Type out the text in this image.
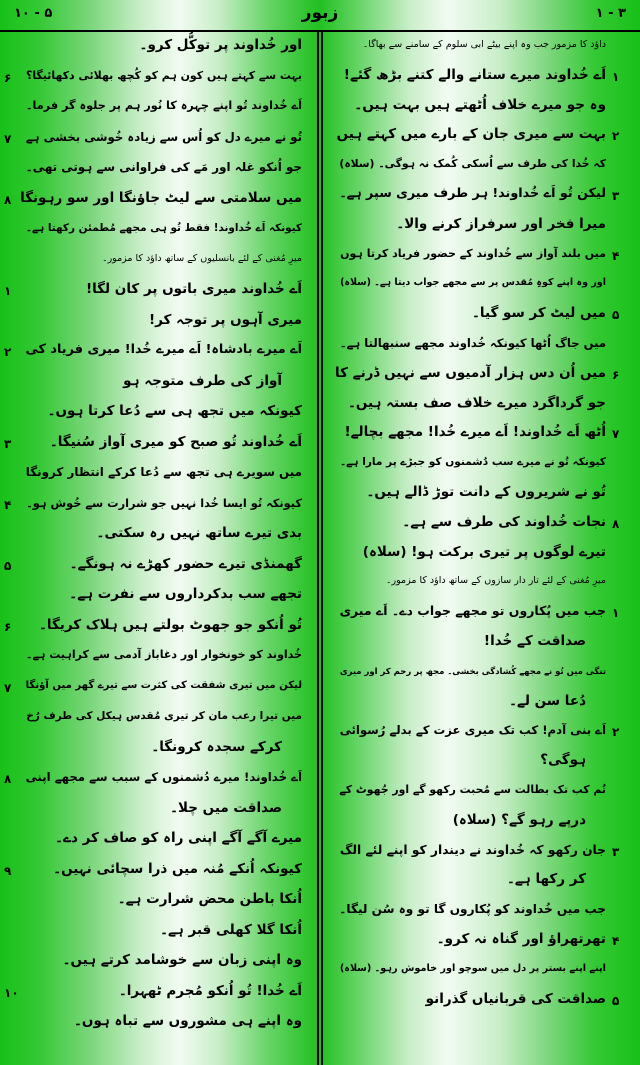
١٠ - ۵	زبور	٣ - ١
داؤد کا مزمور جب وہ اپنے بیٹے ابی سلوم کے سامنے سے بھاگا۔
اَے خُداوند میرے ستانے والے کتنے بڑھ گئے!
وہ جو میرے خلاف اُٹھتے ہیں بہت ہیں۔
بہت سے میری جان کے بارے میں کہتے ہیں
کہ خُدا کی طرف سے اُسکی کُمک نہ ہوگی۔ (سلاہ)
لیکن تُو اَے خُداوند! ہر طرف میری سپر ہے۔
میرا فخر اور سرفراز کرنے والا۔
میں بلند آواز سے خُداوند کے حضور فریاد کرتا ہوں
اور وہ اپنے کوہِ مُقدس پر سے مجھے جواب دیتا ہے۔ (سلاہ)
میں لیٹ کر سو گیا۔
میں جاگ اُٹھا کیونکہ خُداوند مجھے سنبھالتا ہے۔
میں اُن دس ہزار آدمیوں سے نہیں ڈرنے کا
جو گرداگرد میرے خلاف صف بستہ ہیں۔
اُٹھ اَے خُداوند! اَے میرے خُدا! مجھے بچالے!
کیونکہ تُو نے میرے سب دُشمنوں کو جبڑے پر مارا ہے۔
تُو نے شریروں کے دانت توڑ ڈالے ہیں۔
نجات خُداوند کی طرف سے ہے۔
تیرے لوگوں پر تیری برکت ہو! (سلاہ)
میرِ مُغنی کے لئے تار دار سازوں کے ساتھ داؤد کا مزمور۔
جب میں پُکاروں تو مجھے جواب دے۔ اَے میری
صداقت کے خُدا!
تنگی میں تُو نے مجھے کُشادگی بخشی۔ مجھ پر رحم کر اور میری
دُعا سن لے۔
اَے بنی آدم! کب تک میری عزت کے بدلے رُسوائی
ہوگی؟
تُم کب تک بطالت سے مُحبت رکھو گے اور جُھوٹ کے
درپے رہو گے؟ (سلاہ)
جان رکھو کہ خُداوند نے دیندار کو اپنے لئے الگ
کر رکھا ہے۔
جب میں خُداوند کو پُکاروں گا تو وہ سُن لیگا۔
تھرتھراؤ اور گناہ نہ کرو۔
اپنے اپنے بستر پر دل میں سوچو اور خاموش رہو۔ (سلاہ)
صداقت کی قربانیاں گذرانو
اور خُداوند پر توکُّل کرو۔
بہت سے کہتے ہیں کون ہم کو کُچھ بھلائی دکھائیگا؟
اَے خُداوند تُو اپنے چہرہ کا نُور ہم پر جلوہ گر فرما۔
تُو نے میرے دل کو اُس سے زیادہ خُوشی بخشی ہے
جو اُنکو غلہ اور مَے کی فراوانی سے ہوتی تھی۔
میں سلامتی سے لیٹ جاؤنگا اور سو رہونگا
کیونکہ اَے خُداوند! فقط تُو ہی مجھے مُطمئن رکھتا ہے۔
میرِ مُغنی کے لئے بانسلیوں کے ساتھ داؤد کا مزمور۔
اَے خُداوند میری باتوں پر کان لگا!
میری آہوں پر توجہ کر!
اَے میرے بادشاہ! اَے میرے خُدا! میری فریاد کی
آواز کی طرف متوجہ ہو
کیونکہ میں تجھ ہی سے دُعا کرتا ہوں۔
اَے خُداوند تُو صبح کو میری آواز سُنیگا۔
میں سویرے ہی تجھ سے دُعا کرکے انتظار کرونگا
کیونکہ تُو ایسا خُدا نہیں جو شرارت سے خُوش ہو۔
بدی تیرے ساتھ نہیں رہ سکتی۔
گھمنڈی تیرے حضور کھڑے نہ ہونگے۔
تجھے سب بدکرداروں سے نفرت ہے۔
تُو اُنکو جو جھوٹ بولتے ہیں ہلاک کریگا۔
خُداوند کو خونخوار اور دغاباز آدمی سے کراہیت ہے۔
لیکن میں تیری شفقت کی کثرت سے تیرے گھر میں آؤنگا
میں تیرا رعب مان کر تیری مُقدس ہیکل کی طرف رُخ
کرکے سجدہ کرونگا۔
اَے خُداوند! میرے دُشمنوں کے سبب سے مجھے اپنی
صداقت میں چلا۔
میرے آگے آگے اپنی راہ کو صاف کر دے۔
کیونکہ اُنکے مُنہ میں ذرا سچائی نہیں۔
اُنکا باطن محض شرارت ہے۔
اُنکا گلا کھلی قبر ہے۔
وہ اپنی زبان سے خوشامد کرتے ہیں۔
اَے خُدا! تُو اُنکو مُجرم ٹھہرا۔
وہ اپنے ہی مشوروں سے تباہ ہوں۔
١
٢
٣
۴
۵
۶
٧
٨
١
٢
٣
۴
۵
۶
٧
٨
١
٢
٣
۴
۵
۶
٧
٨
٩
١٠
